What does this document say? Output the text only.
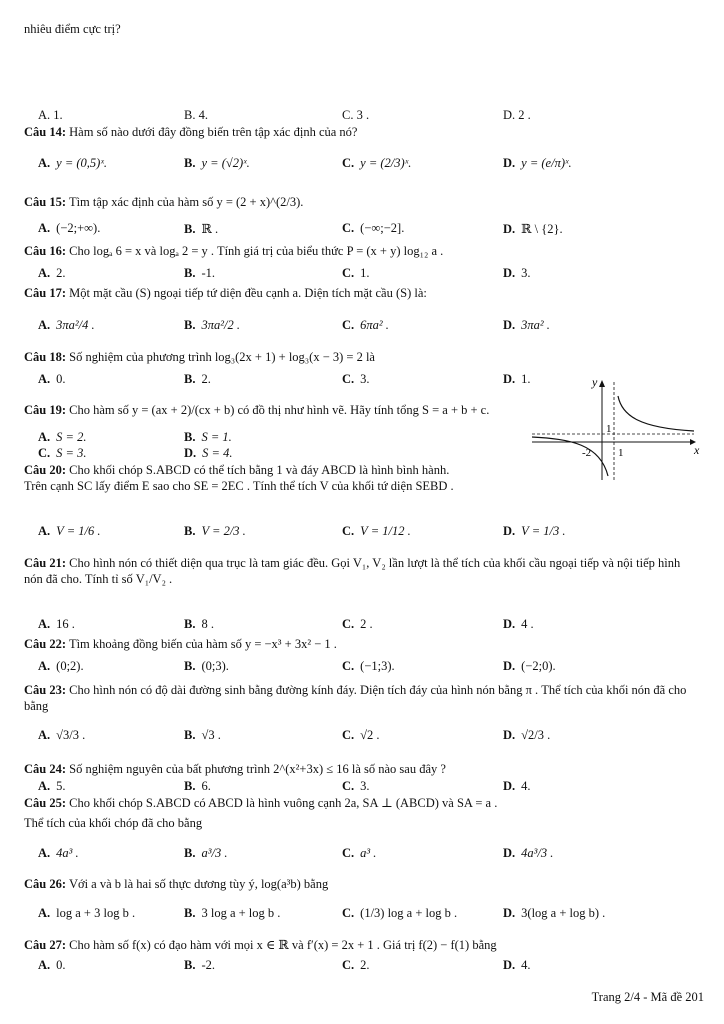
nhiêu điểm cực trị?
A. 1.	B. 4.	C. 3 .	D. 2 .
Câu 14: Hàm số nào dưới đây đồng biến trên tập xác định của nó?
A. y = (0,5)ˣ.	B. y = (√2)ˣ.	C. y = (2/3)ˣ.	D. y = (e/π)ˣ.
Câu 15: Tìm tập xác định của hàm số y = (2 + x)^(2/3).
A. (−2;+∞).	B. ℝ .	C. (−∞;−2].	D. ℝ \ {2}.
Câu 16: Cho logₐ 6 = x và logₐ 2 = y . Tính giá trị của biểu thức P = (x + y) log₁₂ a .
A. 2.	B. -1.	C. 1.	D. 3.
Câu 17: Một mặt cầu (S) ngoại tiếp tứ diện đều cạnh a. Diện tích mặt cầu (S) là:
A. 3πa²/4 .	B. 3πa²/2 .	C. 6πa² .	D. 3πa² .
Câu 18: Số nghiệm của phương trình log₃(2x + 1) + log₃(x − 3) = 2 là
A. 0.	B. 2.	C. 3.	D. 1.
Câu 19: Cho hàm số y = (ax + 2)/(cx + b) có đồ thị như hình vẽ. Hãy tính tổng S = a + b + c.
A. S = 2.	B. S = 1.
C. S = 3.	D. S = 4.
y
x
1
-2 1
Câu 20: Cho khối chóp S.ABCD có thể tích bằng 1 và đáy ABCD là hình bình hành. Trên cạnh SC lấy điểm E sao cho SE = 2EC . Tính thể tích V của khối tứ diện SEBD .
A. V = 1/6 .	B. V = 2/3 .	C. V = 1/12 .	D. V = 1/3 .
Câu 21: Cho hình nón có thiết diện qua trục là tam giác đều. Gọi V₁, V₂ lần lượt là thể tích của khối cầu ngoại tiếp và nội tiếp hình nón đã cho. Tính tỉ số V₁/V₂ .
A. 16 .	B. 8 .	C. 2 .	D. 4 .
Câu 22: Tìm khoảng đồng biến của hàm số y = −x³ + 3x² − 1 .
A. (0;2).	B. (0;3).	C. (−1;3).	D. (−2;0).
Câu 23: Cho hình nón có độ dài đường sinh bằng đường kính đáy. Diện tích đáy của hình nón bằng π . Thể tích của khối nón đã cho bằng
A. √3/3 .	B. √3 .	C. √2 .	D. √2/3 .
Câu 24: Số nghiệm nguyên của bất phương trình 2^(x²+3x) ≤ 16 là số nào sau đây ?
A. 5.	B. 6.	C. 3.	D. 4.
Câu 25: Cho khối chóp S.ABCD có ABCD là hình vuông cạnh 2a, SA ⊥ (ABCD) và SA = a .
Thể tích của khối chóp đã cho bằng
A. 4a³ .	B. a³/3 .	C. a³ .	D. 4a³/3 .
Câu 26: Với a và b là hai số thực dương tùy ý, log(a³b) bằng
A. log a + 3 log b .	B. 3 log a + log b .	C. (1/3) log a + log b .	D. 3(log a + log b) .
Câu 27: Cho hàm số f(x) có đạo hàm với mọi x ∈ ℝ và f′(x) = 2x + 1 . Giá trị f(2) − f(1) bằng
A. 0.	B. -2.	C. 2.	D. 4.
Trang 2/4 - Mã đề 201
